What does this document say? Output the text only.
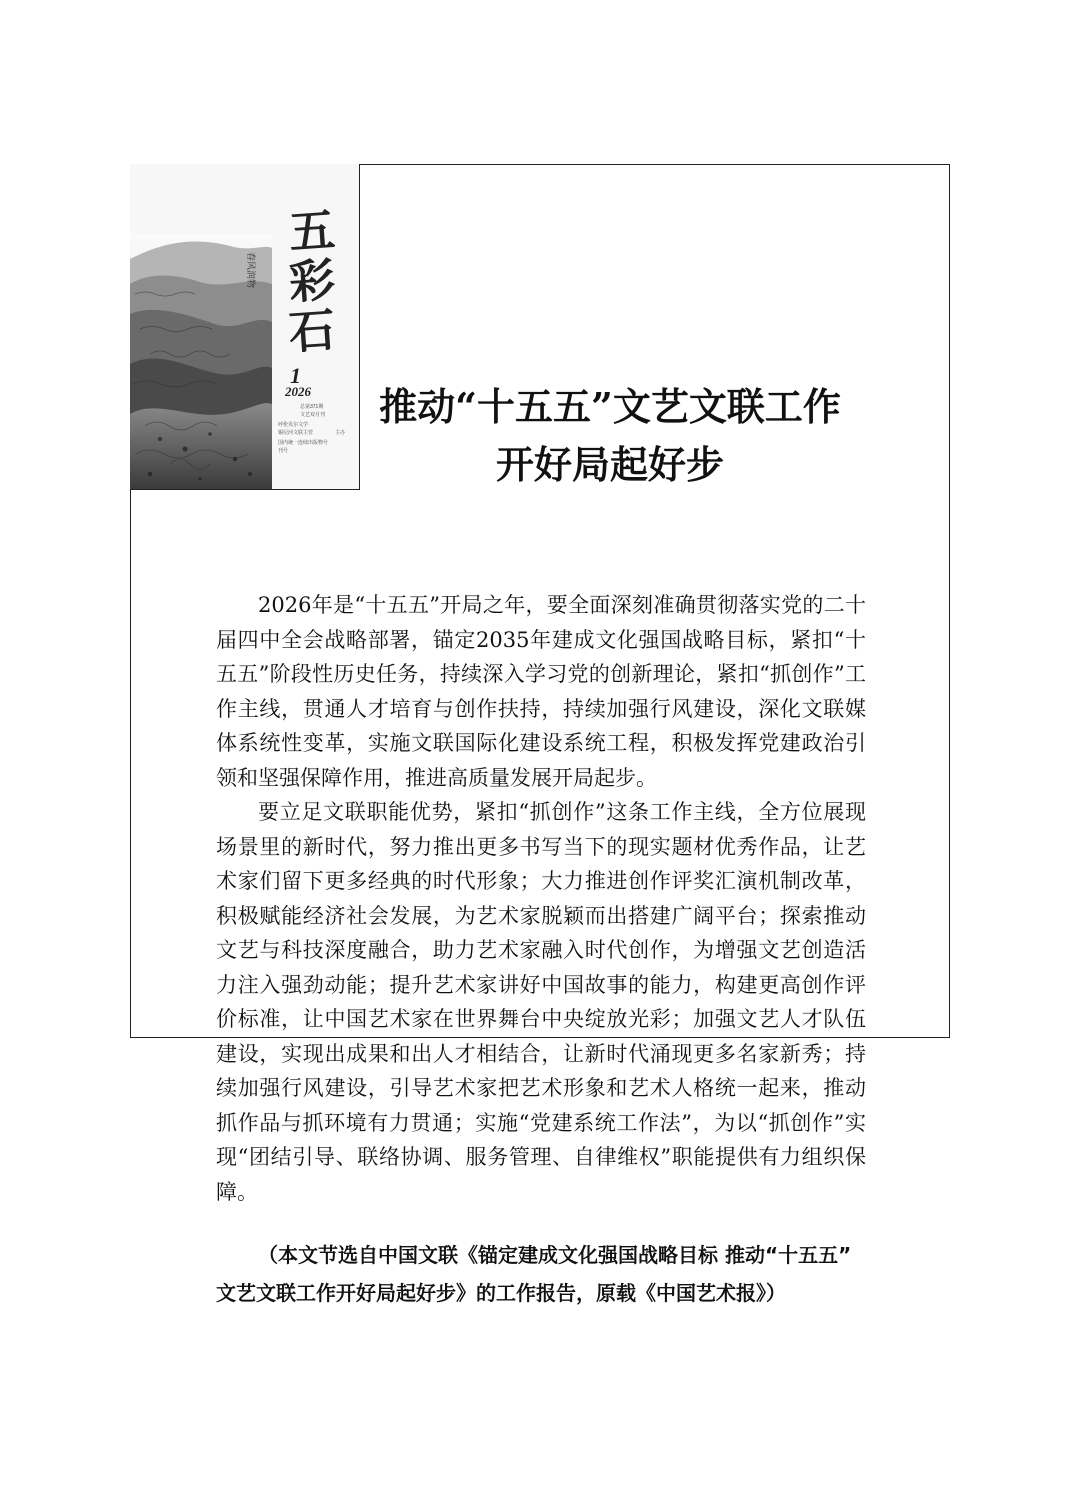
春风润物
总第371期
文艺双月刊
呼伦贝尔文学
锡尼河文联主管	主办
国内统一连续出版物号
刊号
五
彩
石
1
2026	推动“十五五”文艺文联工作
开好局起好步

2026年是“十五五”开局之年，要全面深刻准确贯彻落实党的二十届四中全会战略部署，锚定2035年建成文化强国战略目标，紧扣“十五五”阶段性历史任务，持续深入学习党的创新理论，紧扣“抓创作”工作主线，贯通人才培育与创作扶持，持续加强行风建设，深化文联媒体系统性变革，实施文联国际化建设系统工程，积极发挥党建政治引领和坚强保障作用，推进高质量发展开局起步。

要立足文联职能优势，紧扣“抓创作”这条工作主线，全方位展现场景里的新时代，努力推出更多书写当下的现实题材优秀作品，让艺术家们留下更多经典的时代形象；大力推进创作评奖汇演机制改革，积极赋能经济社会发展，为艺术家脱颖而出搭建广阔平台；探索推动文艺与科技深度融合，助力艺术家融入时代创作，为增强文艺创造活力注入强劲动能；提升艺术家讲好中国故事的能力，构建更高创作评价标准，让中国艺术家在世界舞台中央绽放光彩；加强文艺人才队伍建设，实现出成果和出人才相结合，让新时代涌现更多名家新秀；持续加强行风建设，引导艺术家把艺术形象和艺术人格统一起来，推动抓作品与抓环境有力贯通；实施“党建系统工作法”，为以“抓创作”实现“团结引导、联络协调、服务管理、自律维权”职能提供有力组织保障。

（本文节选自中国文联《锚定建成文化强国战略目标 推动“十五五”
文艺文联工作开好局起好步》的工作报告，原载《中国艺术报》）
